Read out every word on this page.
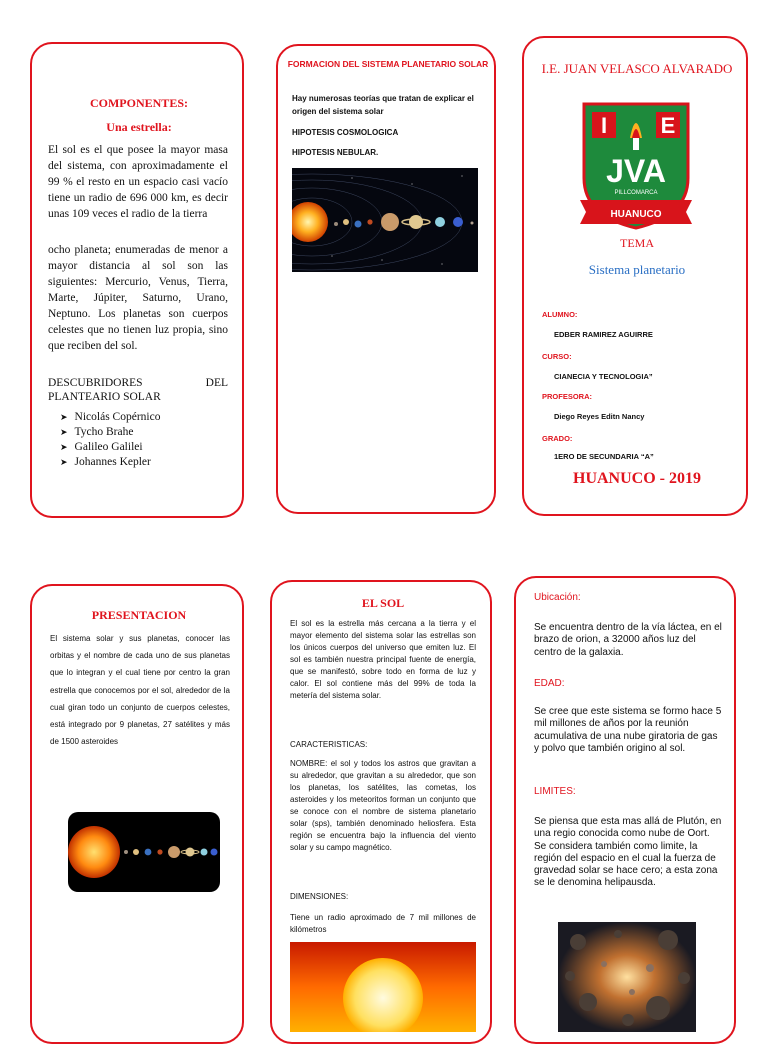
COMPONENTES:
Una estrella:

El sol es el que posee la mayor masa del sistema, con aproximadamente el 99 % el resto en un espacio casi vacío tiene un radio de 696 000 km, es decir unas 109 veces el radio de la tierra

ocho planeta; enumeradas de menor a mayor distancia al sol son las siguientes: Mercurio, Venus, Tierra, Marte, Júpiter, Saturno, Urano, Neptuno. Los planetas son cuerpos celestes que no tienen luz propia, sino que reciben del sol.

DESCUBRIDORES DEL PLANTEARIO SOLAR
➤ Nicolás Copérnico
➤ Tycho Brahe
➤ Galileo Galilei
➤ Johannes Kepler
FORMACION DEL SISTEMA PLANETARIO SOLAR

Hay numerosas teorías que tratan de explicar el origen del sistema solar

HIPOTESIS COSMOLOGICA
HIPOTESIS NEBULAR.
I.E. JUAN VELASCO ALVARADO
I E
JVA
PILLCOMARCA
HUANUCO
TEMA
Sistema planetario
ALUMNO:
EDBER RAMIREZ AGUIRRE
CURSO:
CIANECIA Y TECNOLOGIA”
PROFESORA:
Diego Reyes Editn Nancy
GRADO:
1ERO DE SECUNDARIA “A”
HUANUCO - 2019
PRESENTACION

El sistema solar y sus planetas, conocer las orbitas y el nombre de cada uno de sus planetas que lo integran y el cual tiene por centro la gran estrella que conocemos por el sol, alrededor de la cual giran todo un conjunto de cuerpos celestes, está integrado por 9 planetas, 27 satélites y más de 1500 asteroides

EL SOL

El sol es la estrella más cercana a la tierra y el mayor elemento del sistema solar las estrellas son los únicos cuerpos del universo que emiten luz. El sol es también nuestra principal fuente de energía, que se manifestó, sobre todo en forma de luz y calor. El sol contiene más del 99% de toda la metería del sistema solar.

CARACTERISTICAS:

NOMBRE: el sol y todos los astros que gravitan a su alrededor, que gravitan a su alrededor, que son los planetas, los satélites, las cometas, los asteroides y los meteoritos forman un conjunto que se conoce con el nombre de sistema planetario solar (sps), también denominado heliosfera. Esta región se encuentra bajo la influencia del viento solar y su campo magnético.

DIMENSIONES:

Tiene un radio aproximado de 7 mil millones de kilómetros

Ubicación:

Se encuentra dentro de la vía láctea, en el brazo de orion, a 32000 años luz del centro de la galaxia.

EDAD:

Se cree que este sistema se formo hace 5 mil millones de años por la reunión acumulativa de una nube giratoria de gas y polvo que también origino al sol.

LIMITES:

Se piensa que esta mas allá de Plutón, en una regio conocida como nube de Oort. Se considera también como limite, la región del espacio en el cual la fuerza de gravedad solar se hace cero; a esta zona se le denomina helipausda.
